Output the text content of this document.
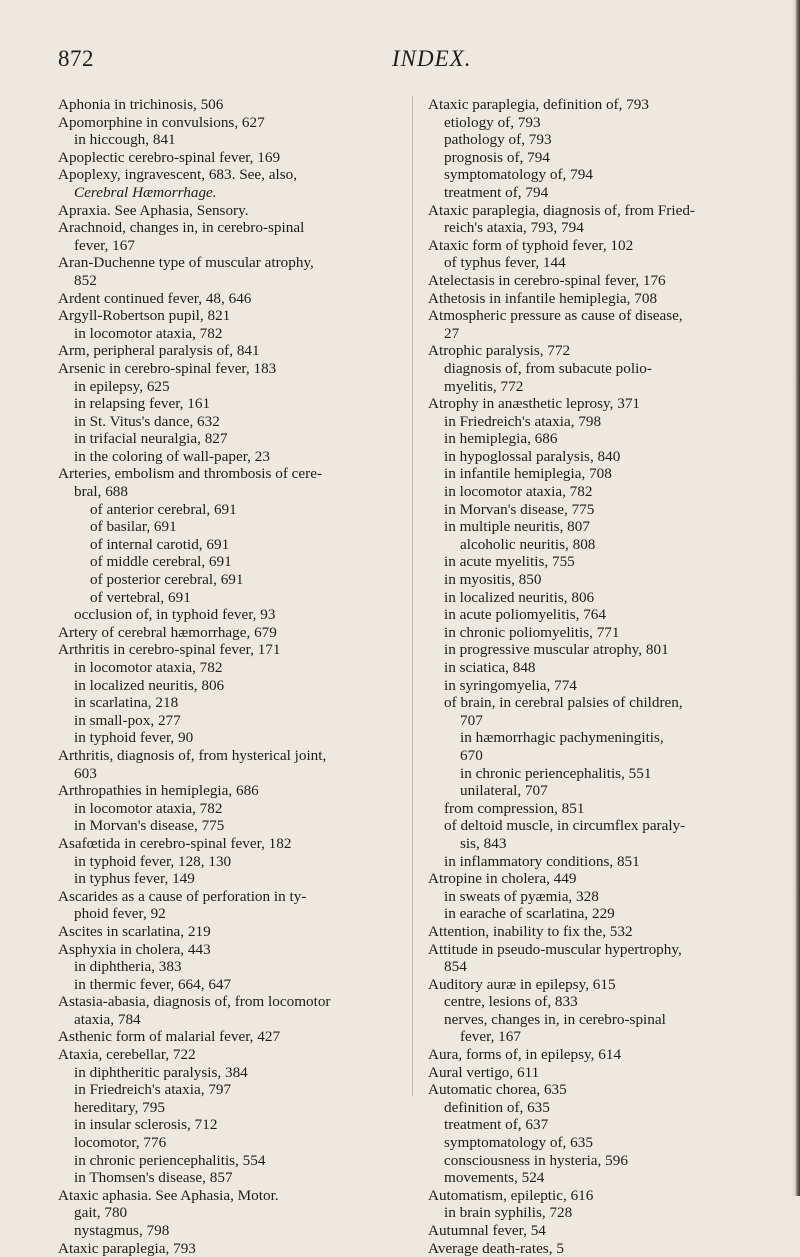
872	INDEX.
Aphonia in trichinosis, 506
Apomorphine in convulsions, 627
in hiccough, 841
Apoplectic cerebro-spinal fever, 169
Apoplexy, ingravescent, 683. See, also,
Cerebral Hæmorrhage.
Apraxia. See Aphasia, Sensory.
Arachnoid, changes in, in cerebro-spinal
fever, 167
Aran-Duchenne type of muscular atrophy,
852
Ardent continued fever, 48, 646
Argyll-Robertson pupil, 821
in locomotor ataxia, 782
Arm, peripheral paralysis of, 841
Arsenic in cerebro-spinal fever, 183
in epilepsy, 625
in relapsing fever, 161
in St. Vitus's dance, 632
in trifacial neuralgia, 827
in the coloring of wall-paper, 23
Arteries, embolism and thrombosis of cere-
bral, 688
of anterior cerebral, 691
of basilar, 691
of internal carotid, 691
of middle cerebral, 691
of posterior cerebral, 691
of vertebral, 691
occlusion of, in typhoid fever, 93
Artery of cerebral hæmorrhage, 679
Arthritis in cerebro-spinal fever, 171
in locomotor ataxia, 782
in localized neuritis, 806
in scarlatina, 218
in small-pox, 277
in typhoid fever, 90
Arthritis, diagnosis of, from hysterical joint,
603
Arthropathies in hemiplegia, 686
in locomotor ataxia, 782
in Morvan's disease, 775
Asafœtida in cerebro-spinal fever, 182
in typhoid fever, 128, 130
in typhus fever, 149
Ascarides as a cause of perforation in ty-
phoid fever, 92
Ascites in scarlatina, 219
Asphyxia in cholera, 443
in diphtheria, 383
in thermic fever, 664, 647
Astasia-abasia, diagnosis of, from locomotor
ataxia, 784
Asthenic form of malarial fever, 427
Ataxia, cerebellar, 722
in diphtheritic paralysis, 384
in Friedreich's ataxia, 797
hereditary, 795
in insular sclerosis, 712
locomotor, 776
in chronic periencephalitis, 554
in Thomsen's disease, 857
Ataxic aphasia. See Aphasia, Motor.
gait, 780
nystagmus, 798
Ataxic paraplegia, 793
Ataxic paraplegia, definition of, 793
etiology of, 793
pathology of, 793
prognosis of, 794
symptomatology of, 794
treatment of, 794
Ataxic paraplegia, diagnosis of, from Fried-
reich's ataxia, 793, 794
Ataxic form of typhoid fever, 102
of typhus fever, 144
Atelectasis in cerebro-spinal fever, 176
Athetosis in infantile hemiplegia, 708
Atmospheric pressure as cause of disease,
27
Atrophic paralysis, 772
diagnosis of, from subacute polio-
myelitis, 772
Atrophy in anæsthetic leprosy, 371
in Friedreich's ataxia, 798
in hemiplegia, 686
in hypoglossal paralysis, 840
in infantile hemiplegia, 708
in locomotor ataxia, 782
in Morvan's disease, 775
in multiple neuritis, 807
alcoholic neuritis, 808
in acute myelitis, 755
in myositis, 850
in localized neuritis, 806
in acute poliomyelitis, 764
in chronic poliomyelitis, 771
in progressive muscular atrophy, 801
in sciatica, 848
in syringomyelia, 774
of brain, in cerebral palsies of children,
707
in hæmorrhagic pachymeningitis,
670
in chronic periencephalitis, 551
unilateral, 707
from compression, 851
of deltoid muscle, in circumflex paraly-
sis, 843
in inflammatory conditions, 851
Atropine in cholera, 449
in sweats of pyæmia, 328
in earache of scarlatina, 229
Attention, inability to fix the, 532
Attitude in pseudo-muscular hypertrophy,
854
Auditory auræ in epilepsy, 615
centre, lesions of, 833
nerves, changes in, in cerebro-spinal
fever, 167
Aura, forms of, in epilepsy, 614
Aural vertigo, 611
Automatic chorea, 635
definition of, 635
treatment of, 637
symptomatology of, 635
consciousness in hysteria, 596
movements, 524
Automatism, epileptic, 616
in brain syphilis, 728
Autumnal fever, 54
Average death-rates, 5
